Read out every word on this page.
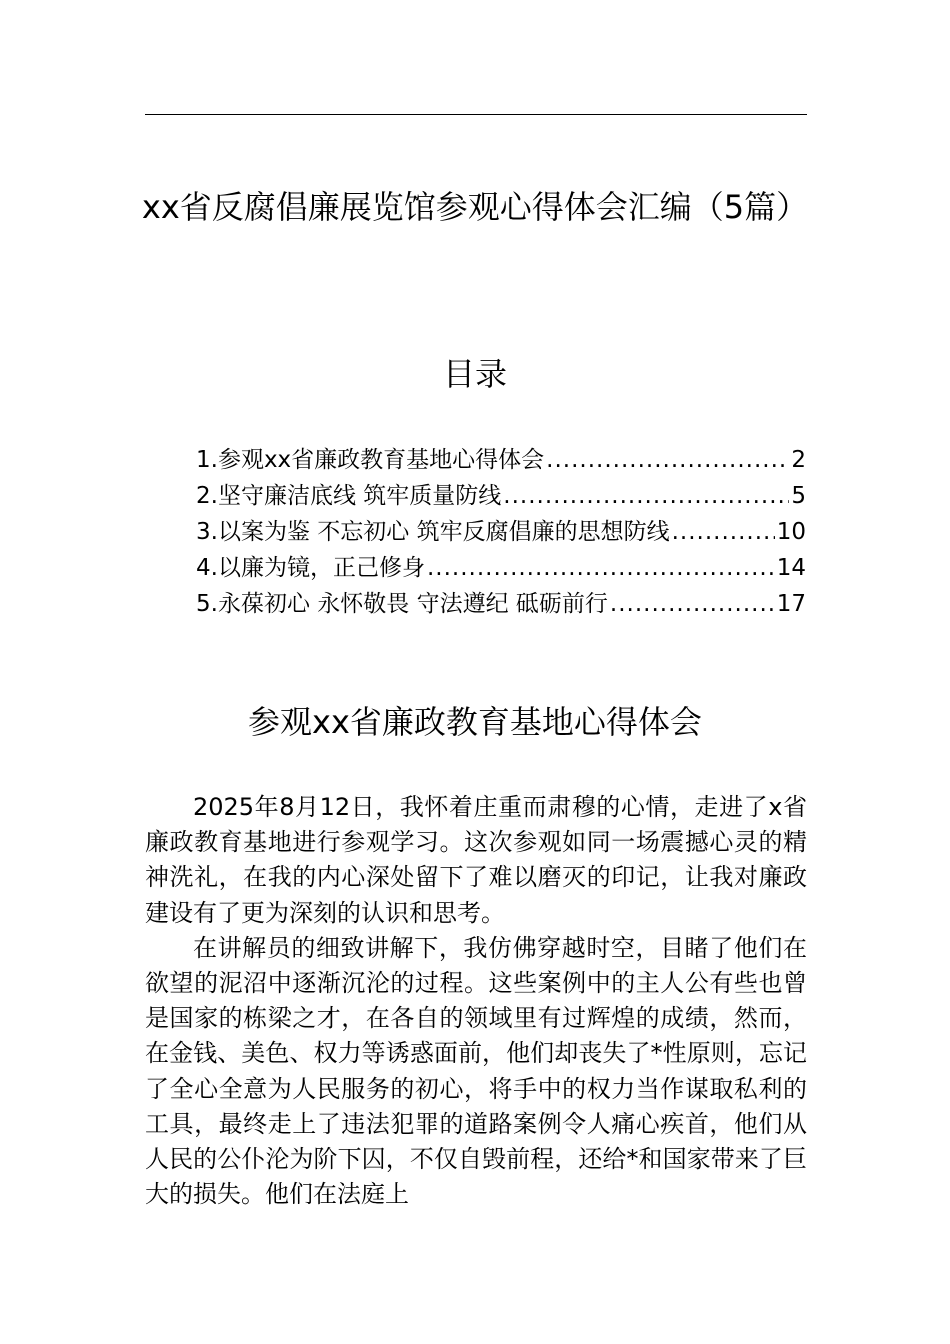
xx省反腐倡廉展览馆参观心得体会汇编（5篇）
目录
1.参观xx省廉政教育基地心得体会 .....	2
2.坚守廉洁底线 筑牢质量防线 .....	5
3.以案为鉴 不忘初心 筑牢反腐倡廉的思想防线 .....	10
4.以廉为镜，正己修身 .....	14
5.永葆初心 永怀敬畏 守法遵纪 砥砺前行 .....	17
参观xx省廉政教育基地心得体会

2025年8月12日，我怀着庄重而肃穆的心情，走进了x省廉政教育基地进行参观学习。这次参观如同一场震撼心灵的精神洗礼，在我的内心深处留下了难以磨灭的印记，让我对廉政建设有了更为深刻的认识和思考。

在讲解员的细致讲解下，我仿佛穿越时空，目睹了他们在欲望的泥沼中逐渐沉沦的过程。这些案例中的主人公有些也曾是国家的栋梁之才，在各自的领域里有过辉煌的成绩，然而，在金钱、美色、权力等诱惑面前，他们却丧失了*性原则，忘记了全心全意为人民服务的初心，将手中的权力当作谋取私利的工具，最终走上了违法犯罪的道路案例令人痛心疾首，他们从人民的公仆沦为阶下囚，不仅自毁前程，还给*和国家带来了巨大的损失。他们在法庭上
